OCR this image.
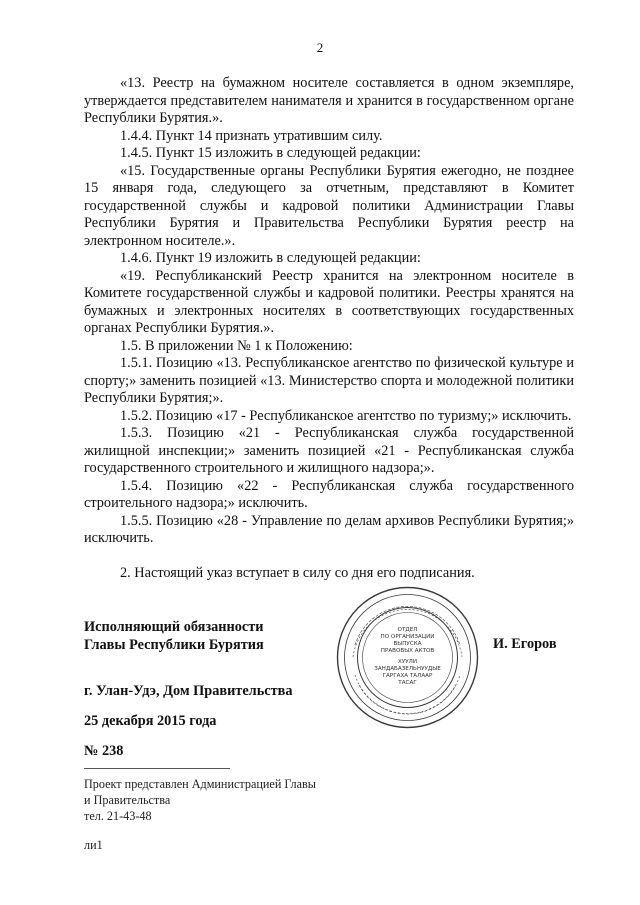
2

«13. Реестр на бумажном носителе составляется в одном экземпляре, утверждается представителем нанимателя и хранится в государственном органе Республики Бурятия.».

1.4.4. Пункт 14 признать утратившим силу.

1.4.5. Пункт 15 изложить в следующей редакции:

«15. Государственные органы Республики Бурятия ежегодно, не позднее 15 января года, следующего за отчетным, представляют в Комитет государственной службы и кадровой политики Администрации Главы Республики Бурятия и Правительства Республики Бурятия реестр на электронном носителе.».

1.4.6. Пункт 19 изложить в следующей редакции:

«19. Республиканский Реестр хранится на электронном носителе в Комитете государственной службы и кадровой политики. Реестры хранятся на бумажных и электронных носителях в соответствующих государственных органах Республики Бурятия.».

1.5. В приложении № 1 к Положению:

1.5.1. Позицию «13. Республиканское агентство по физической культуре и спорту;» заменить позицией «13. Министерство спорта и молодежной политики Республики Бурятия;».

1.5.2. Позицию «17 - Республиканское агентство по туризму;» исключить.

1.5.3. Позицию «21 - Республиканская служба государственной жилищной инспекции;» заменить позицией «21 - Республиканская служба государственного строительного и жилищного надзора;».

1.5.4. Позицию «22 - Республиканская служба государственного строительного надзора;» исключить.

1.5.5. Позицию «28 - Управление по делам архивов Республики Бурятия;» исключить.

2. Настоящий указ вступает в силу со дня его подписания.

Исполняющий обязанности
Главы Республики Бурятия	И. Егоров
ОТДЕЛ
ПО ОРГАНИЗАЦИИ
ВЫПУСКА
ПРАВОВЫХ АКТОВ
ХУУЛИ
ЗАНДАБАЗЕЛЬНУУДЫЕ
ГАРГАХА ТАЛААР
ТАСАГ
г. Улан-Удэ, Дом Правительства
25 декабря 2015 года
№ 238
Проект представлен Администрацией Главы
и Правительства
тел. 21-43-48
ли1
